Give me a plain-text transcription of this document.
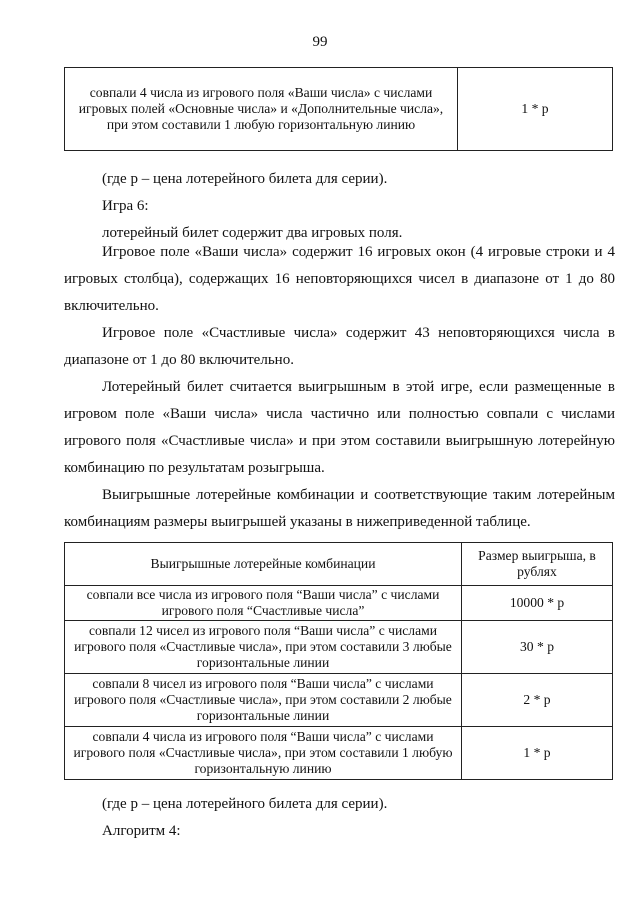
99
совпали 4 числа из игрового поля «Ваши числа» с числами игровых полей «Основные числа» и «Дополнительные числа», при этом составили 1 любую горизонтальную линию	1 * р

(где р – цена лотерейного билета для серии).

Игра 6:

лотерейный билет содержит два игровых поля.

Игровое поле «Ваши числа» содержит 16 игровых окон (4 игровые строки и 4 игровых столбца), содержащих 16 неповторяющихся чисел в диапазоне от 1 до 80 включительно.

Игровое поле «Счастливые числа» содержит 43 неповторяющихся числа в диапазоне от 1 до 80 включительно.

Лотерейный билет считается выигрышным в этой игре, если размещенные в игровом поле «Ваши числа» числа частично или полностью совпали с числами игрового поля «Счастливые числа» и при этом составили выигрышную лотерейную комбинацию по результатам розыгрыша.

Выигрышные лотерейные комбинации и соответствующие таким лотерейным комбинациям размеры выигрышей указаны в нижеприведенной таблице.

Выигрышные лотерейные комбинации	Размер выигрыша, в рублях
совпали все числа из игрового поля “Ваши числа” с числами игрового поля “Счастливые числа”	10000 * р
совпали 12 чисел из игрового поля “Ваши числа” с числами игрового поля «Счастливые числа», при этом составили 3 любые горизонтальные линии	30 * р
совпали 8 чисел из игрового поля “Ваши числа” с числами игрового поля «Счастливые числа», при этом составили 2 любые горизонтальные линии	2 * р
совпали 4 числа из игрового поля “Ваши числа” с числами игрового поля «Счастливые числа», при этом составили 1 любую горизонтальную линию	1 * р

(где р – цена лотерейного билета для серии).

Алгоритм 4:
